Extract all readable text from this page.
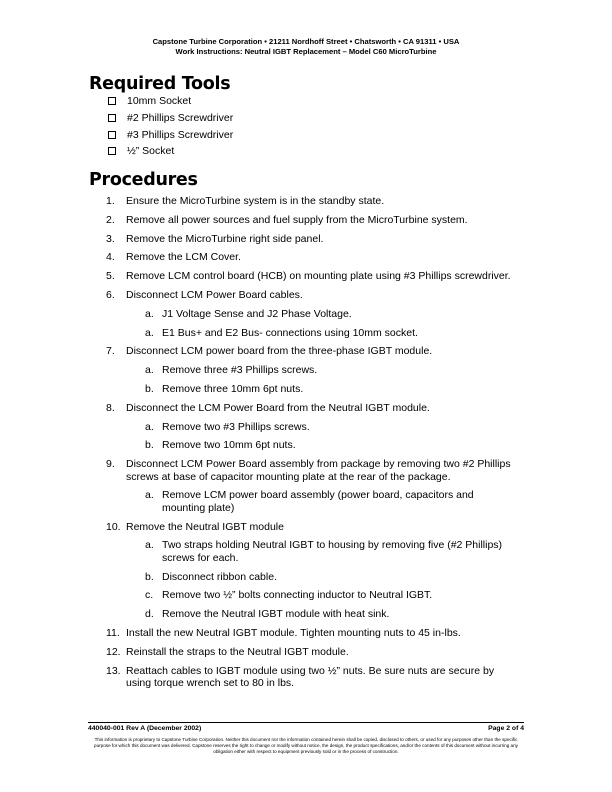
Capstone Turbine Corporation • 21211 Nordhoff Street • Chatsworth • CA 91311 • USA
Work Instructions: Neutral IGBT Replacement – Model C60 MicroTurbine
Required Tools
10mm Socket
#2 Phillips Screwdriver
#3 Phillips Screwdriver
½” Socket
Procedures
1.	Ensure the MicroTurbine system is in the standby state.
2.	Remove all power sources and fuel supply from the MicroTurbine system.
3.	Remove the MicroTurbine right side panel.
4.	Remove the LCM Cover.
5.	Remove LCM control board (HCB) on mounting plate using #3 Phillips screwdriver.
6.	Disconnect LCM Power Board cables.
a. J1 Voltage Sense and J2 Phase Voltage.
a. E1 Bus+ and E2 Bus- connections using 10mm socket.
7.	Disconnect LCM power board from the three-phase IGBT module.
a. Remove three #3 Phillips screws.
b. Remove three 10mm 6pt nuts.
8.	Disconnect the LCM Power Board from the Neutral IGBT module.
a. Remove two #3 Phillips screws.
b. Remove two 10mm 6pt nuts.
9.	Disconnect LCM Power Board assembly from package by removing two #2 Phillips screws at base of capacitor mounting plate at the rear of the package.
a. Remove LCM power board assembly (power board, capacitors and mounting plate)
10. Remove the Neutral IGBT module
a. Two straps holding Neutral IGBT to housing by removing five (#2 Phillips) screws for each.
b. Disconnect ribbon cable.
c. Remove two ½” bolts connecting inductor to Neutral IGBT.
d. Remove the Neutral IGBT module with heat sink.
11. Install the new Neutral IGBT module. Tighten mounting nuts to 45 in-lbs.
12. Reinstall the straps to the Neutral IGBT module.
13. Reattach cables to IGBT module using two ½” nuts. Be sure nuts are secure by using torque wrench set to 80 in lbs.
440040-001 Rev A (December 2002)	Page 2 of 4
This information is proprietary to Capstone Turbine Corporation. Neither this document nor the information contained herein shall be copied, disclosed to others, or used for any purposes other than the specific purpose for which this document was delivered. Capstone reserves the right to change or modify without notice, the design, the product specifications, and/or the contents of this document without incurring any obligation either with respect to equipment previously sold or in the process of construction.
